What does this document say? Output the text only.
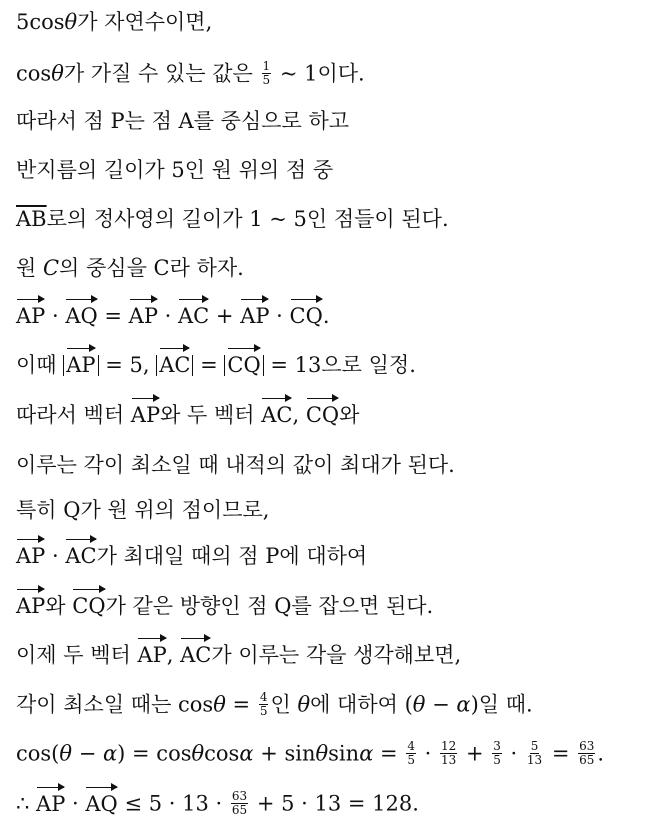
5cosθ가 자연수이면,
cosθ가 가질 수 있는 값은 $\frac{1}{5}$ ~ 1이다.
따라서 점 P는 점 A를 중심으로 하고
반지름의 길이가 5인 원 위의 점 중
$\overline{AB}$로의 정사영의 길이가 1 ~ 5인 점들이 된다.
원 C의 중심을 C라 하자.
AP · AQ = AP · AC + AP · CQ.
이때 AP = 5, AC = CQ = 13으로 일정.
따라서 벡터 AP와 두 벡터 AC, CQ와
이루는 각이 최소일 때 내적의 값이 최대가 된다.
특히 Q가 원 위의 점이므로,
AP · AC가 최대일 때의 점 P에 대하여
AP와 CQ가 같은 방향인 점 Q를 잡으면 된다.
이제 두 벡터 AP, AC가 이루는 각을 생각해보면,
각이 최소일 때는 $\cos\theta = \frac{4}{5}$ 인 θ에 대하여 (θ − α)일 때.
$\cos(\theta - \alpha) = \cos\theta\cos\alpha + \sin\theta\sin\alpha = \frac{4}{5} \cdot \frac{12}{13} + \frac{3}{5} \cdot \frac{5}{13} = \frac{63}{65}$ .
∴ AP · AQ ≤ $5 \cdot 13 \cdot \frac{63}{65} + 5 \cdot 13 = 128$.
